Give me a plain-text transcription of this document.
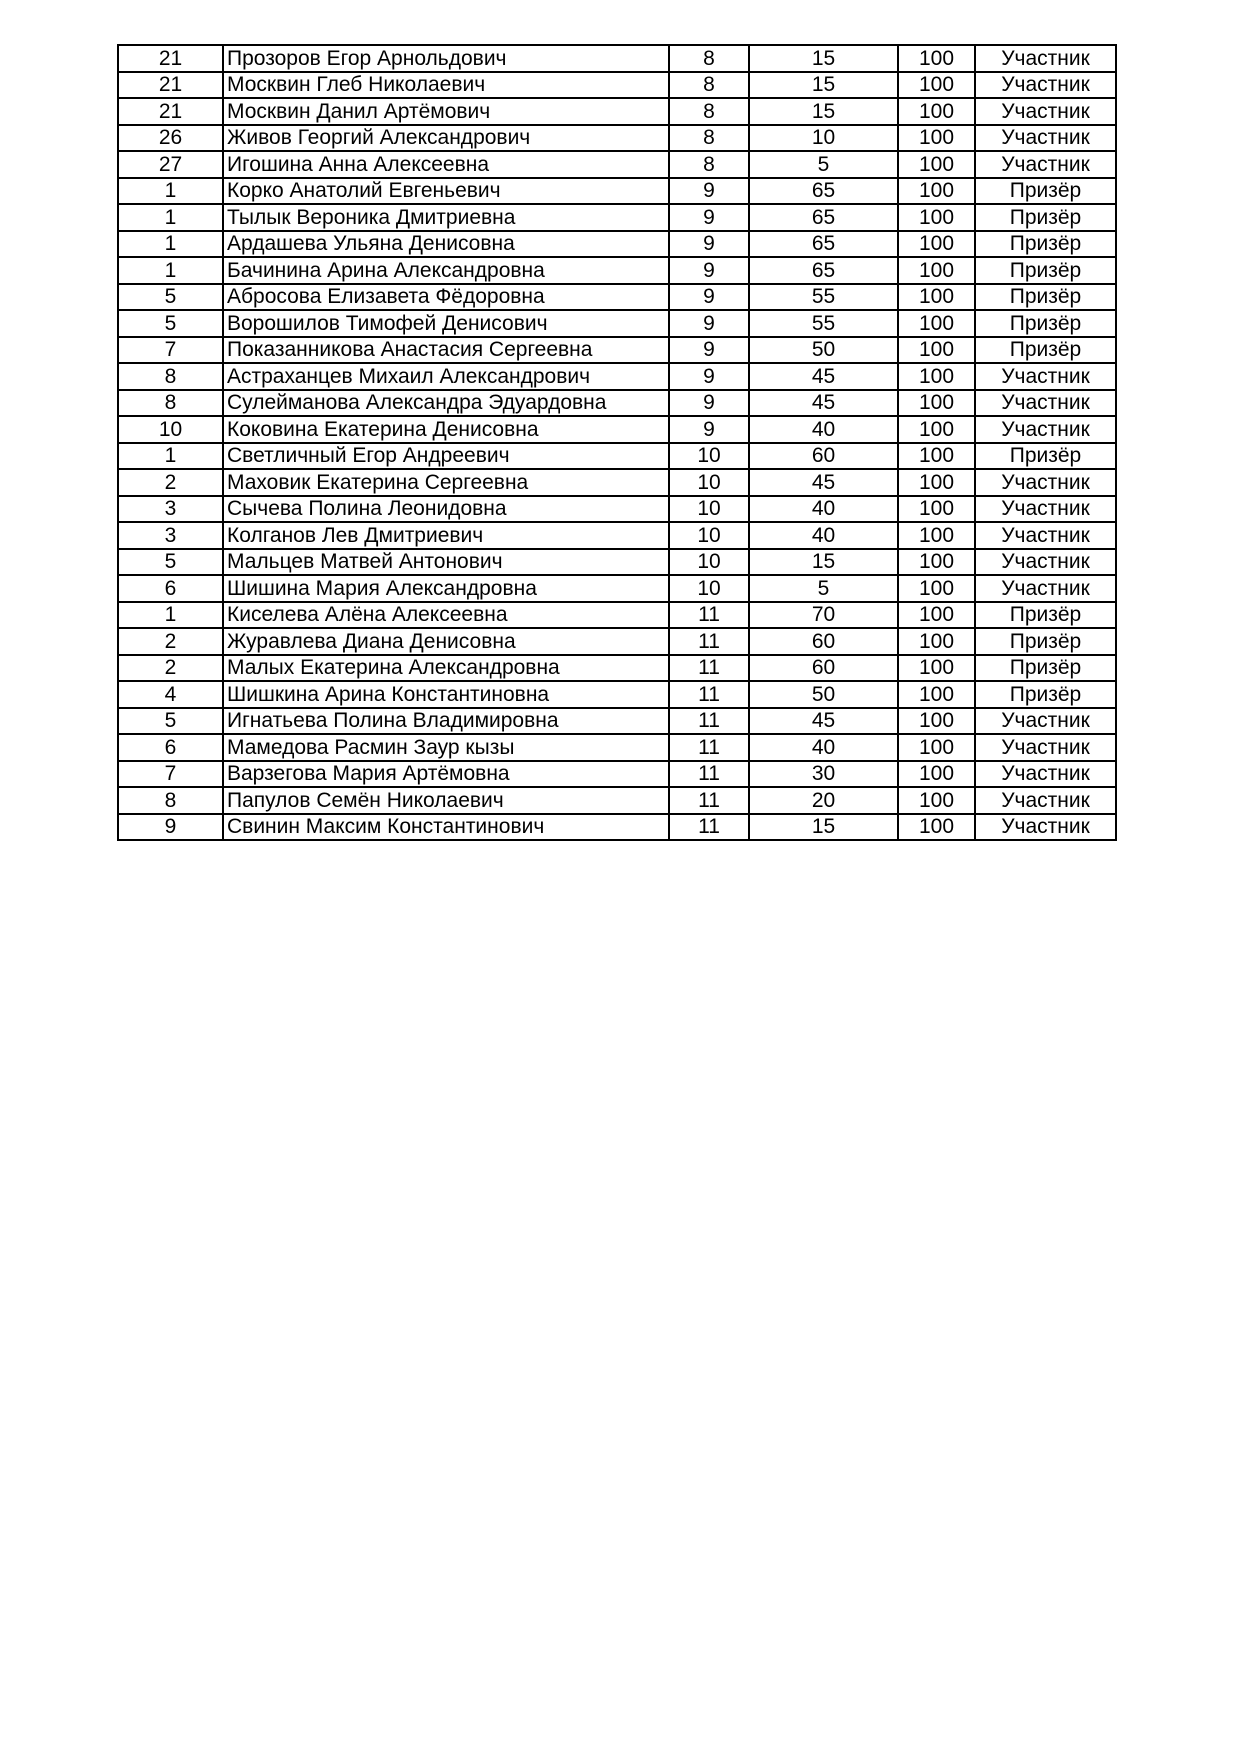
21	Прозоров Егор Арнольдович	8	15	100	Участник
21	Москвин Глеб Николаевич	8	15	100	Участник
21	Москвин Данил Артёмович	8	15	100	Участник
26	Живов Георгий Александрович	8	10	100	Участник
27	Игошина Анна Алексеевна	8	5	100	Участник
1	Корко Анатолий Евгеньевич	9	65	100	Призёр
1	Тылык Вероника Дмитриевна	9	65	100	Призёр
1	Ардашева Ульяна Денисовна	9	65	100	Призёр
1	Бачинина Арина Александровна	9	65	100	Призёр
5	Абросова Елизавета Фёдоровна	9	55	100	Призёр
5	Ворошилов Тимофей Денисович	9	55	100	Призёр
7	Показанникова Анастасия Сергеевна	9	50	100	Призёр
8	Астраханцев Михаил Александрович	9	45	100	Участник
8	Сулейманова Александра Эдуардовна	9	45	100	Участник
10	Коковина Екатерина Денисовна	9	40	100	Участник
1	Светличный Егор Андреевич	10	60	100	Призёр
2	Маховик Екатерина Сергеевна	10	45	100	Участник
3	Сычева Полина Леонидовна	10	40	100	Участник
3	Колганов Лев Дмитриевич	10	40	100	Участник
5	Мальцев Матвей Антонович	10	15	100	Участник
6	Шишина Мария Александровна	10	5	100	Участник
1	Киселева Алёна Алексеевна	11	70	100	Призёр
2	Журавлева Диана Денисовна	11	60	100	Призёр
2	Малых Екатерина Александровна	11	60	100	Призёр
4	Шишкина Арина Константиновна	11	50	100	Призёр
5	Игнатьева Полина Владимировна	11	45	100	Участник
6	Мамедова Расмин Заур кызы	11	40	100	Участник
7	Варзегова Мария Артёмовна	11	30	100	Участник
8	Папулов Семён Николаевич	11	20	100	Участник
9	Свинин Максим Константинович	11	15	100	Участник
